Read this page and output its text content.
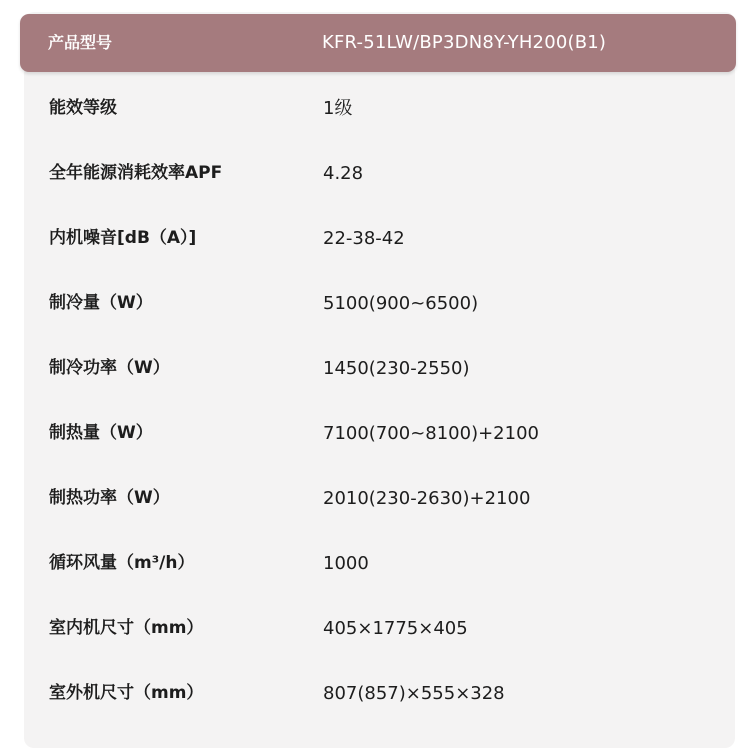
产品型号	KFR-51LW/BP3DN8Y-YH200(B1)
能效等级	1级
全年能源消耗效率APF	4.28
内机噪音[dB（A）]	22-38-42
制冷量（W）	5100(900~6500)
制冷功率（W）	1450(230-2550)
制热量（W）	7100(700~8100)+2100
制热功率（W）	2010(230-2630)+2100
循环风量（m³/h）	1000
室内机尺寸（mm）	405×1775×405
室外机尺寸（mm）	807(857)×555×328
